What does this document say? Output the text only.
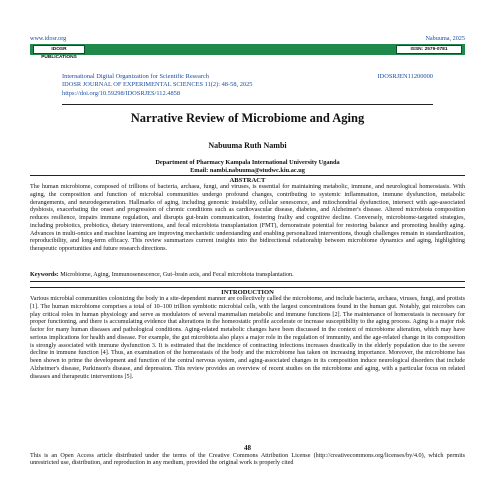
www.idosr.org	Nabuuma, 2025
IDOSR PUBLICATIONS
ISSN: 2579-0781
International Digital Organization for Scientific Research	IDOSRJEN11200000
IDOSR JOURNAL OF EXPERIMENTAL SCIENCES 11(2): 48-58, 2025
https://doi.org/10.59298/IDOSRJES/112.4858
Narrative Review of Microbiome and Aging
Nabuuma Ruth Nambi
Department of Pharmacy Kampala International University Uganda
Email: nambi.nabuuma@studwc.kiu.ac.ug
ABSTRACT
The human microbiome, composed of trillions of bacteria, archaea, fungi, and viruses, is essential for maintaining metabolic, immune, and neurological homeostasis. With aging, the composition and function of microbial communities undergo profound changes, contributing to systemic inflammation, immune dysfunction, metabolic derangements, and neurodegeneration. Hallmarks of aging, including genomic instability, cellular senescence, and mitochondrial dysfunction, intersect with age-associated dysbiosis, exacerbating the onset and progression of chronic conditions such as cardiovascular disease, diabetes, and Alzheimer's disease. Altered microbiota composition reduces resilience, impairs immune regulation, and disrupts gut-brain communication, fostering frailty and cognitive decline. Conversely, microbiome-targeted strategies, including probiotics, prebiotics, dietary interventions, and fecal microbiota transplantation (FMT), demonstrate potential for restoring balance and promoting healthy aging. Advances in multi-omics and machine learning are improving mechanistic understanding and enabling personalized interventions, though challenges remain in standardization, reproducibility, and long-term efficacy. This review summarizes current insights into the bidirectional relationship between microbiome dynamics and aging, highlighting therapeutic opportunities and future research directions.
Keywords: Microbiome, Aging, Immunosenescence, Gut–brain axis, and Fecal microbiota transplantation.
INTRODUCTION
Various microbial communities colonizing the body in a site-dependent manner are collectively called the microbiome, and include bacteria, archaea, viruses, fungi, and protists [1]. The human microbiome comprises a total of 10–100 trillion symbiotic microbial cells, with the largest concentrations found in the human gut. Notably, gut microbes can play critical roles in human physiology and serve as modulators of several mammalian metabolic and immune functions [2]. The maintenance of homeostasis is necessary for proper functioning, and there is accumulating evidence that alterations in the homeostatic profile accelerate or increase susceptibility to the aging process. Aging is a major risk factor for many human diseases and pathological conditions. Aging-related metabolic changes have been discussed in the context of microbiome alteration, which may have serious implications for health and disease. For example, the gut microbiota also plays a major role in the regulation of immunity, and the age-related change in its composition is strongly associated with immune dysfunction 3. It is estimated that the incidence of contracting infections increases drastically in the elderly population due to the severe decline in immune function [4]. Thus, an examination of the homeostasis of the body and the microbiome has taken on increasing importance. Moreover, the microbiome has been shown to prime the development and function of the central nervous system, and aging-associated changes in its composition induce neurological disorders that include Alzheimer's disease, Parkinson's disease, and depression. This review provides an overview of recent studies on the microbiome and aging, with a particular focus on related diseases and therapeutic interventions [5].
48
This is an Open Access article distributed under the terms of the Creative Commons Attribution License (http://creativecommons.org/licenses/by/4.0), which permits unrestricted use, distribution, and reproduction in any medium, provided the original work is properly cited
